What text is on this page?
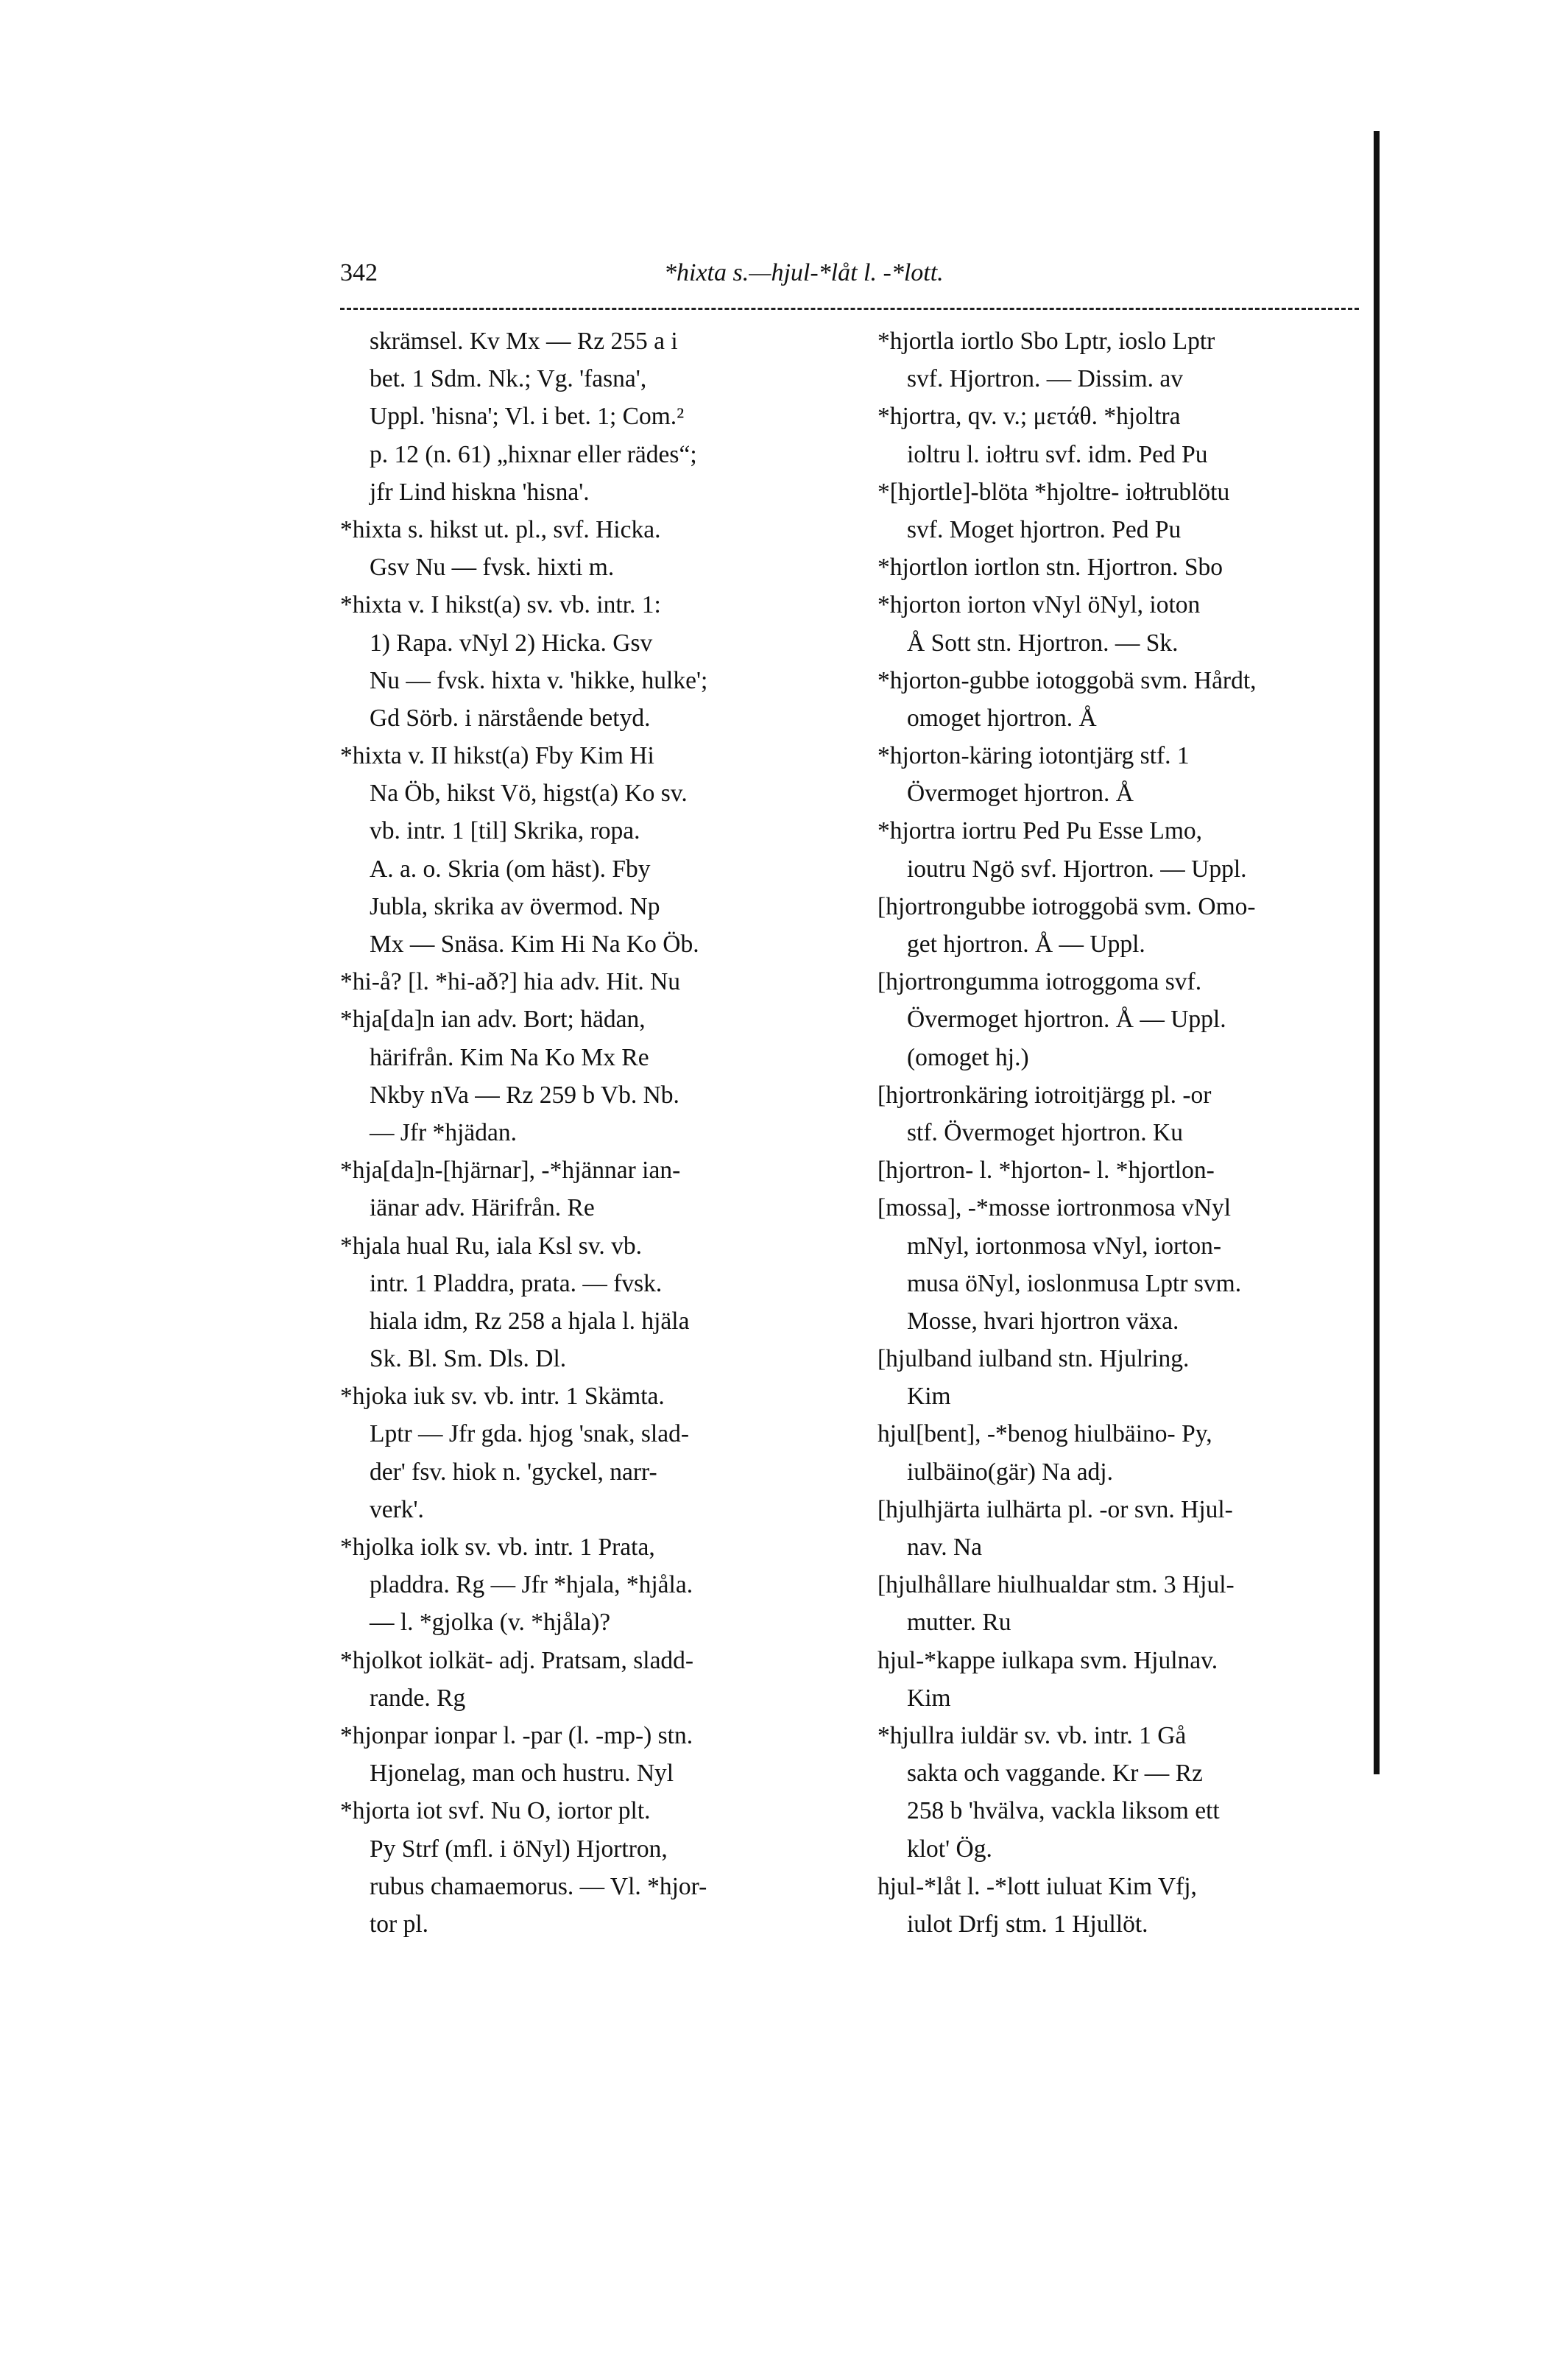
342	*hixta s.—hjul-*låt l. -*lott.
skrämsel. Kv Mx — Rz 255 a i
bet. 1 Sdm. Nk.; Vg. 'fasna',
Uppl. 'hisna'; Vl. i bet. 1; Com.²
p. 12 (n. 61) „hixnar eller rädes“;
jfr Lind hiskna 'hisna'.
*hixta s. hikst ut. pl., svf. Hicka.
Gsv Nu — fvsk. hixti m.
*hixta v. I hikst(a) sv. vb. intr. 1:
1) Rapa. vNyl 2) Hicka. Gsv
Nu — fvsk. hixta v. 'hikke, hulke';
Gd Sörb. i närstående betyd.
*hixta v. II hikst(a) Fby Kim Hi
Na Öb, hikst Vö, higst(a) Ko sv.
vb. intr. 1 [til] Skrika, ropa.
A. a. o. Skria (om häst). Fby
Jubla, skrika av övermod. Np
Mx — Snäsa. Kim Hi Na Ko Öb.
*hi-å? [l. *hi-að?] hia adv. Hit. Nu
*hja[da]n ian adv. Bort; hädan,
härifrån. Kim Na Ko Mx Re
Nkby nVa — Rz 259 b Vb. Nb.
— Jfr *hjädan.
*hja[da]n-[hjärnar], -*hjännar ian-
iänar adv. Härifrån. Re
*hjala hual Ru, iala Ksl sv. vb.
intr. 1 Pladdra, prata. — fvsk.
hiala idm, Rz 258 a hjala l. hjäla
Sk. Bl. Sm. Dls. Dl.
*hjoka iuk sv. vb. intr. 1 Skämta.
Lptr — Jfr gda. hjog 'snak, slad-
der' fsv. hiok n. 'gyckel, narr-
verk'.
*hjolka iolk sv. vb. intr. 1 Prata,
pladdra. Rg — Jfr *hjala, *hjåla.
— l. *gjolka (v. *hjåla)?
*hjolkot iolkät- adj. Pratsam, sladd-
rande. Rg
*hjonpar ionpar l. -par (l. -mp-) stn.
Hjonelag, man och hustru. Nyl
*hjorta iot svf. Nu O, iortor plt.
Py Strf (mfl. i öNyl) Hjortron,
rubus chamaemorus. — Vl. *hjor-
tor pl.
*hjortla iortlo Sbo Lptr, ioslo Lptr
svf. Hjortron. — Dissim. av
*hjortra, qv. v.; μετάθ. *hjoltra
ioltru l. iołtru svf. idm. Ped Pu
*[hjortle]-blöta *hjoltre- iołtrublötu
svf. Moget hjortron. Ped Pu
*hjortlon iortlon stn. Hjortron. Sbo
*hjorton iorton vNyl öNyl, ioton
Å Sott stn. Hjortron. — Sk.
*hjorton-gubbe iotoggobä svm. Hårdt,
omoget hjortron. Å
*hjorton-käring iotontjärg stf. 1
Övermoget hjortron. Å
*hjortra iortru Ped Pu Esse Lmo,
ioutru Ngö svf. Hjortron. — Uppl.
[hjortrongubbe iotroggobä svm. Omo-
get hjortron. Å — Uppl.
[hjortrongumma iotroggoma svf.
Övermoget hjortron. Å — Uppl.
(omoget hj.)
[hjortronkäring iotroitjärgg pl. -or
stf. Övermoget hjortron. Ku
[hjortron- l. *hjorton- l. *hjortlon-
[mossa], -*mosse iortronmosa vNyl
mNyl, iortonmosa vNyl, iorton-
musa öNyl, ioslonmusa Lptr svm.
Mosse, hvari hjortron växa.
[hjulband iulband stn. Hjulring.
Kim
hjul[bent], -*benog hiulbäino- Py,
iulbäino(gär) Na adj.
[hjulhjärta iulhärta pl. -or svn. Hjul-
nav. Na
[hjulhållare hiulhualdar stm. 3 Hjul-
mutter. Ru
hjul-*kappe iulkapa svm. Hjulnav.
Kim
*hjullra iuldär sv. vb. intr. 1 Gå
sakta och vaggande. Kr — Rz
258 b 'hvälva, vackla liksom ett
klot' Ög.
hjul-*låt l. -*lott iuluat Kim Vfj,
iulot Drfj stm. 1 Hjullöt.
